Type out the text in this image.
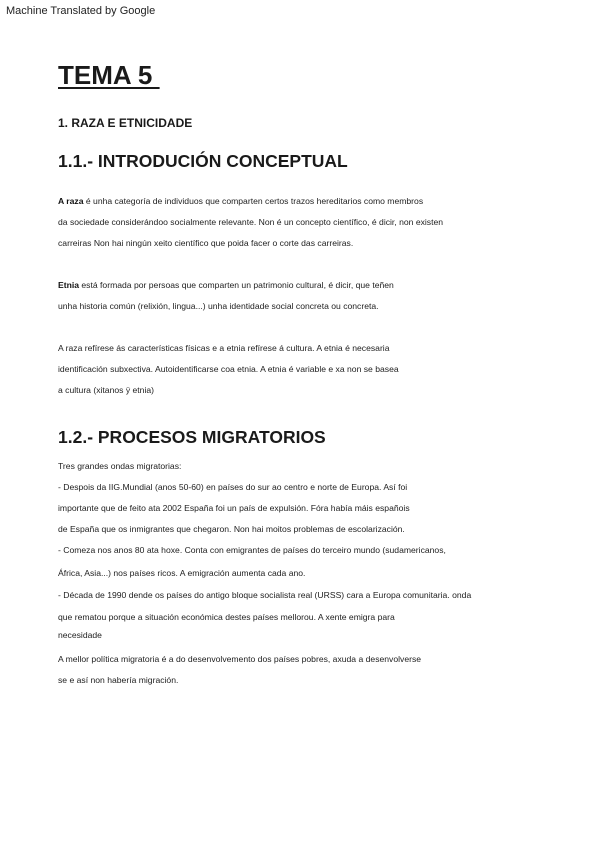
Machine Translated by Google
TEMA 5
1. RAZA E ETNICIDADE
1.1.- INTRODUCIÓN CONCEPTUAL

A raza é unha categoría de individuos que comparten certos trazos hereditarios como membros

da sociedade considerándoo socialmente relevante. Non é un concepto científico, é dicir, non existen

carreiras Non hai ningún xeito científico que poida facer o corte das carreiras.

Etnia está formada por persoas que comparten un patrimonio cultural, é dicir, que teñen

unha historia común (relixión, lingua...) unha identidade social concreta ou concreta.

A raza refírese ás características físicas e a etnia refírese á cultura. A etnia é necesaria

identificación subxectiva. Autoidentificarse coa etnia. A etnia é variable e xa non se basea

a cultura (xitanos ÿ etnia)

1.2.- PROCESOS MIGRATORIOS

Tres grandes ondas migratorias:

- Despois da IIG.Mundial (anos 50-60) en países do sur ao centro e norte de Europa. Así foi

importante que de feito ata 2002 España foi un país de expulsión. Fóra había máis españois

de España que os inmigrantes que chegaron. Non hai moitos problemas de escolarización.

- Comeza nos anos 80 ata hoxe. Conta con emigrantes de países do terceiro mundo (sudamericanos,

África, Asia...) nos países ricos. A emigración aumenta cada ano.

- Década de 1990 dende os países do antigo bloque socialista real (URSS) cara a Europa comunitaria. onda

que rematou porque a situación económica destes países mellorou. A xente emigra para

necesidade

A mellor política migratoria é a do desenvolvemento dos países pobres, axuda a desenvolverse

se e así non habería migración.
